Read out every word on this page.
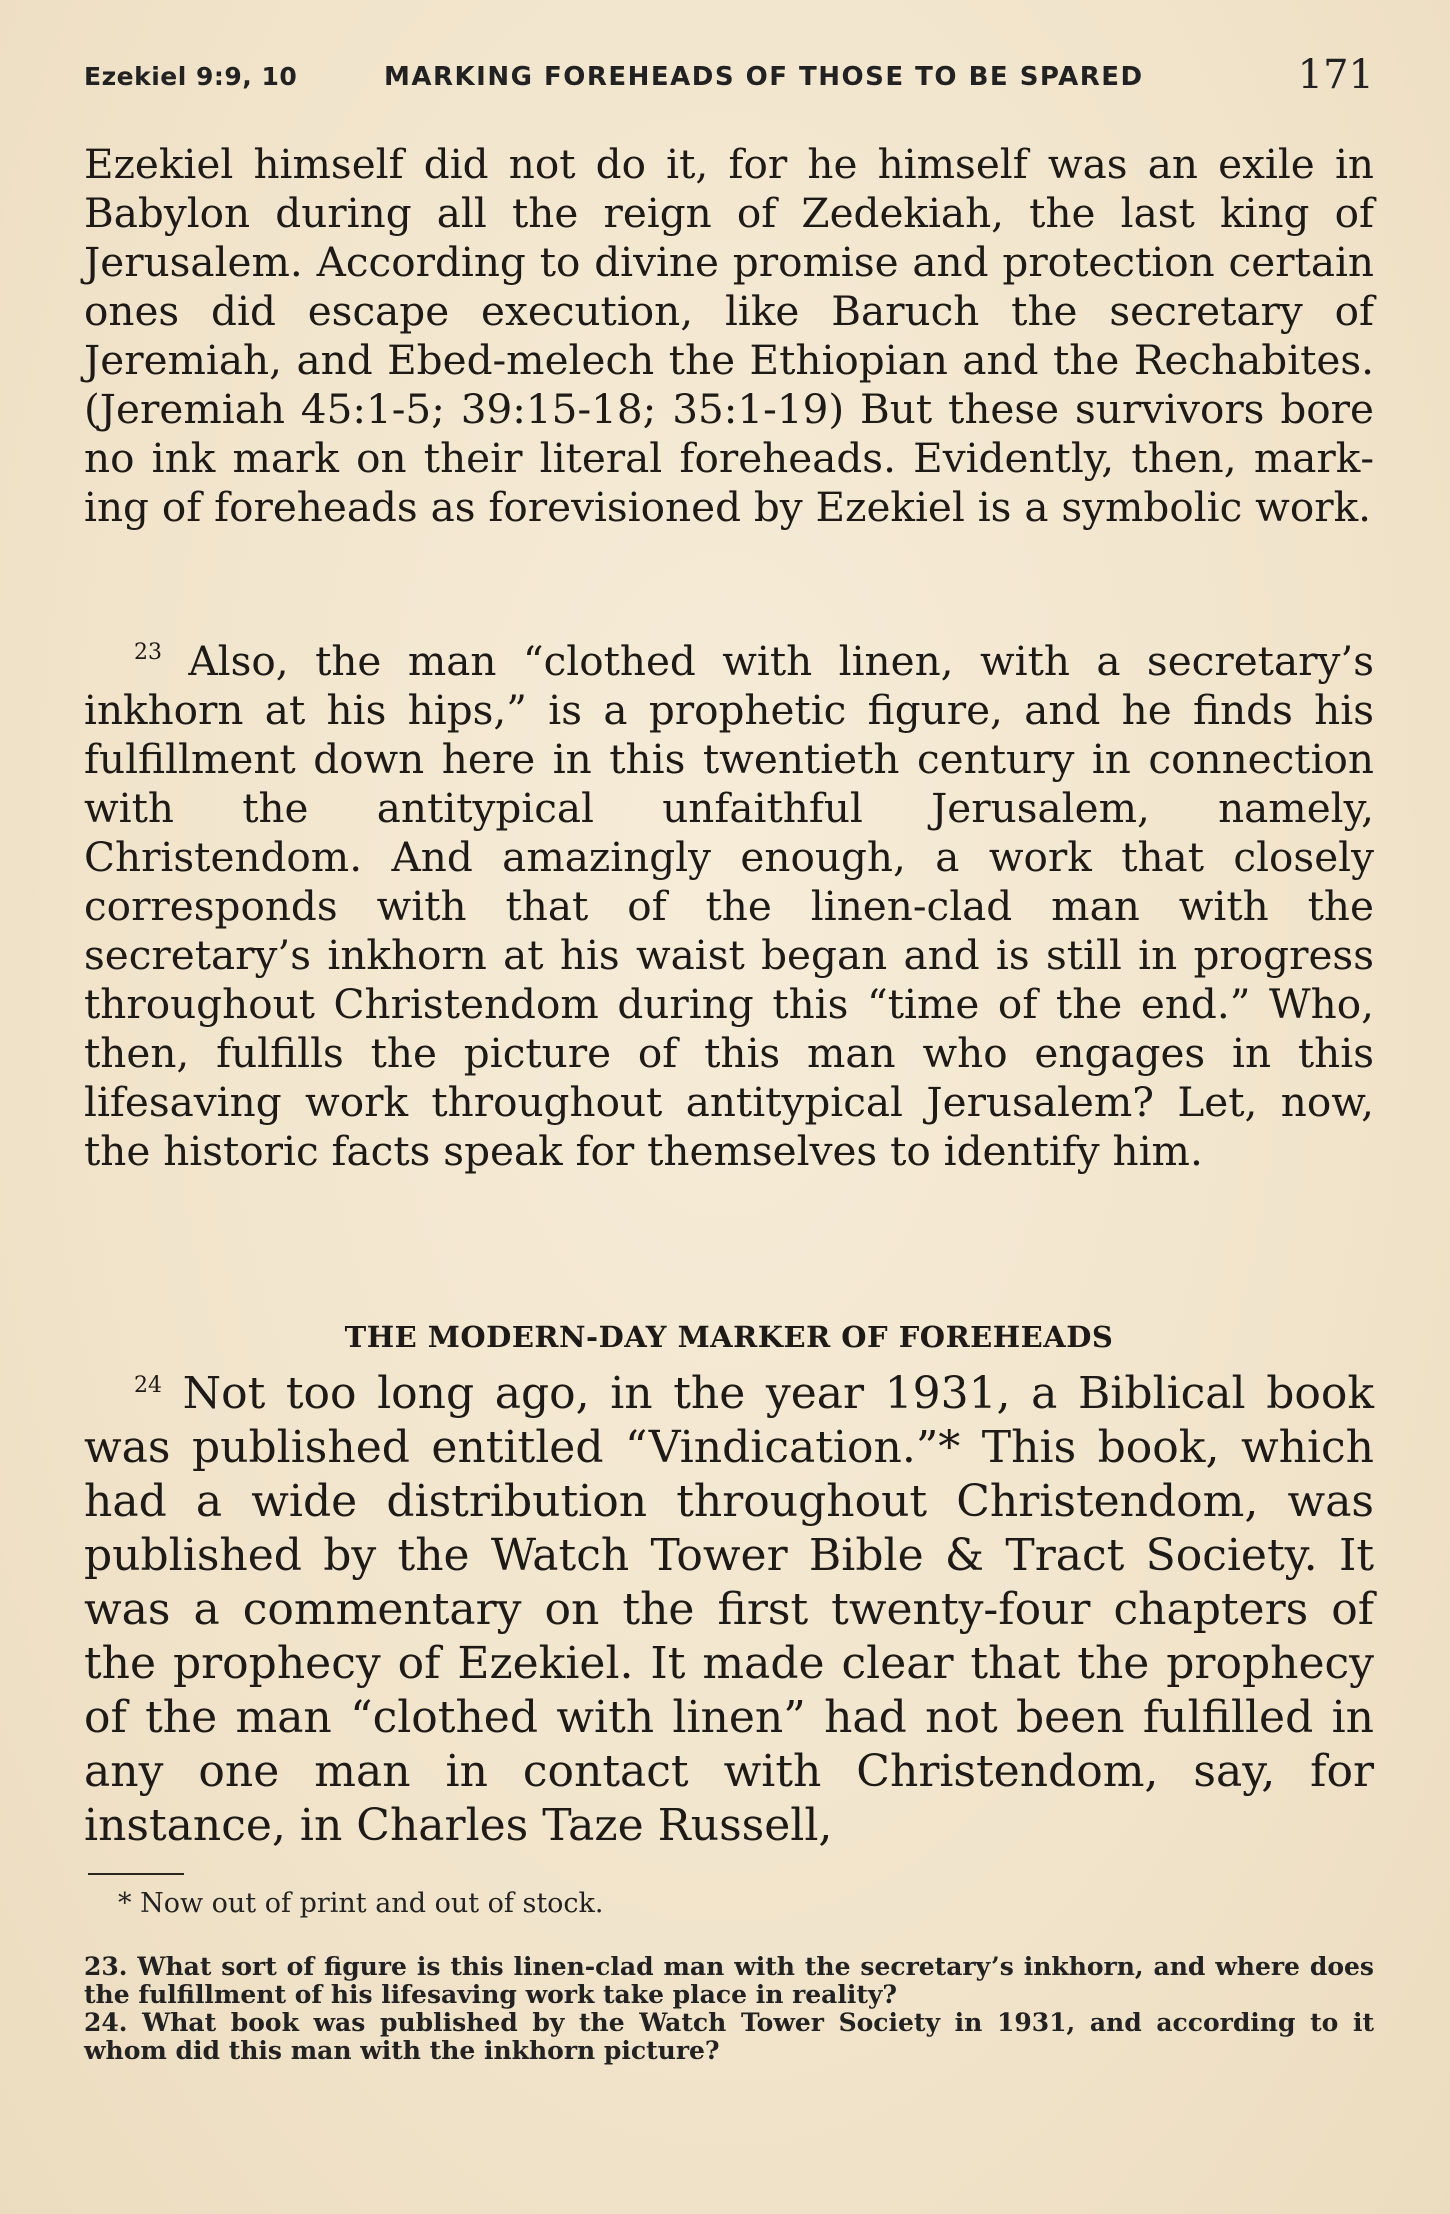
Ezekiel 9:9, 10	MARKING FOREHEADS OF THOSE TO BE SPARED	171
Ezekiel himself did not do it, for he himself was an exile in Babylon during all the reign of Zedekiah, the last king of Jerusalem. According to divine promise and protection certain ones did escape execution, like Baruch the secretary of Jeremiah, and Ebed-melech the Ethiopian and the Rechabites. (Jeremiah 45:1-5; 39:15-18; 35:1-19) But these survivors bore no ink mark on their literal foreheads. Evidently, then, marking of foreheads as forevisioned by Ezekiel is a symbolic work.
$^{23}$ Also, the man “clothed with linen, with a secretary’s inkhorn at his hips,” is a prophetic figure, and he finds his fulfillment down here in this twentieth century in connection with the antitypical unfaithful Jerusalem, namely, Christendom. And amazingly enough, a work that closely corresponds with that of the linen-clad man with the secretary’s inkhorn at his waist began and is still in progress throughout Christendom during this “time of the end.” Who, then, fulfills the picture of this man who engages in this lifesaving work throughout antitypical Jerusalem? Let, now, the historic facts speak for themselves to identify him.
THE MODERN-DAY MARKER OF FOREHEADS
$^{24}$ Not too long ago, in the year 1931, a Biblical book was published entitled “Vindication.”* This book, which had a wide distribution throughout Christendom, was published by the Watch Tower Bible & Tract Society. It was a commentary on the first twenty-four chapters of the prophecy of Ezekiel. It made clear that the prophecy of the man “clothed with linen” had not been fulfilled in any one man in contact with Christendom, say, for instance, in Charles Taze Russell,
* Now out of print and out of stock.

23. What sort of figure is this linen-clad man with the secretary’s inkhorn, and where does the fulfillment of his lifesaving work take place in reality?

24. What book was published by the Watch Tower Society in 1931, and according to it whom did this man with the inkhorn picture?
